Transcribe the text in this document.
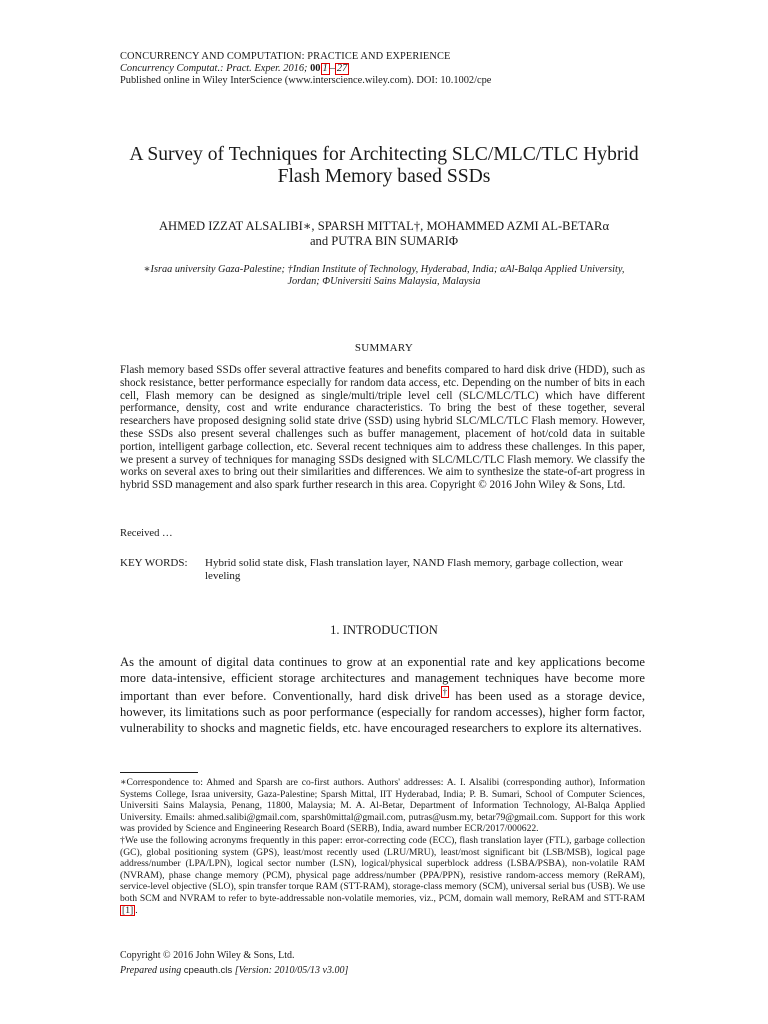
CONCURRENCY AND COMPUTATION: PRACTICE AND EXPERIENCE
Concurrency Computat.: Pract. Exper. 2016; 00 1 – 27
Published online in Wiley InterScience (www.interscience.wiley.com). DOI: 10.1002/cpe
A Survey of Techniques for Architecting SLC/MLC/TLC Hybrid
Flash Memory based SSDs
AHMED IZZAT ALSALIBI∗, SPARSH MITTAL†, MOHAMMED AZMI AL-BETARα
and PUTRA BIN SUMARIΦ
∗Israa university Gaza-Palestine; †Indian Institute of Technology, Hyderabad, India; αAl-Balqa Applied University,
Jordan; ΦUniversiti Sains Malaysia, Malaysia
SUMMARY
Flash memory based SSDs offer several attractive features and benefits compared to hard disk drive (HDD), such as shock resistance, better performance especially for random data access, etc. Depending on the number of bits in each cell, Flash memory can be designed as single/multi/triple level cell (SLC/MLC/TLC) which have different performance, density, cost and write endurance characteristics. To bring the best of these together, several researchers have proposed designing solid state drive (SSD) using hybrid SLC/MLC/TLC Flash memory. However, these SSDs also present several challenges such as buffer management, placement of hot/cold data in suitable portion, intelligent garbage collection, etc. Several recent techniques aim to address these challenges. In this paper, we present a survey of techniques for managing SSDs designed with SLC/MLC/TLC Flash memory. We classify the works on several axes to bring out their similarities and differences. We aim to synthesize the state-of-art progress in hybrid SSD management and also spark further research in this area. Copyright © 2016 John Wiley & Sons, Ltd.
Received …
KEY WORDS: Hybrid solid state disk, Flash translation layer, NAND Flash memory, garbage collection, wear leveling
1. INTRODUCTION
As the amount of digital data continues to grow at an exponential rate and key applications become more data-intensive, efficient storage architectures and management techniques have become more important than ever before. Conventionally, hard disk drive † has been used as a storage device, however, its limitations such as poor performance (especially for random accesses), higher form factor, vulnerability to shocks and magnetic fields, etc. have encouraged researchers to explore its alternatives.

∗Correspondence to: Ahmed and Sparsh are co-first authors. Authors' addresses: A. I. Alsalibi (corresponding author), Information Systems College, Israa university, Gaza-Palestine; Sparsh Mittal, IIT Hyderabad, India; P. B. Sumari, School of Computer Sciences, Universiti Sains Malaysia, Penang, 11800, Malaysia; M. A. Al-Betar, Department of Information Technology, Al-Balqa Applied University. Emails: ahmed.salibi@gmail.com, sparsh0mittal@gmail.com, putras@usm.my, betar79@gmail.com. Support for this work was provided by Science and Engineering Research Board (SERB), India, award number ECR/2017/000622.

†We use the following acronyms frequently in this paper: error-correcting code (ECC), flash translation layer (FTL), garbage collection (GC), global positioning system (GPS), least/most recently used (LRU/MRU), least/most significant bit (LSB/MSB), logical page address/number (LPA/LPN), logical sector number (LSN), logical/physical superblock address (LSBA/PSBA), non-volatile RAM (NVRAM), phase change memory (PCM), physical page address/number (PPA/PPN), resistive random-access memory (ReRAM), service-level objective (SLO), spin transfer torque RAM (STT-RAM), storage-class memory (SCM), universal serial bus (USB). We use both SCM and NVRAM to refer to byte-addressable non-volatile memories, viz., PCM, domain wall memory, ReRAM and STT-RAM [1] .

Copyright © 2016 John Wiley & Sons, Ltd.
Prepared using cpeauth.cls [Version: 2010/05/13 v3.00]
